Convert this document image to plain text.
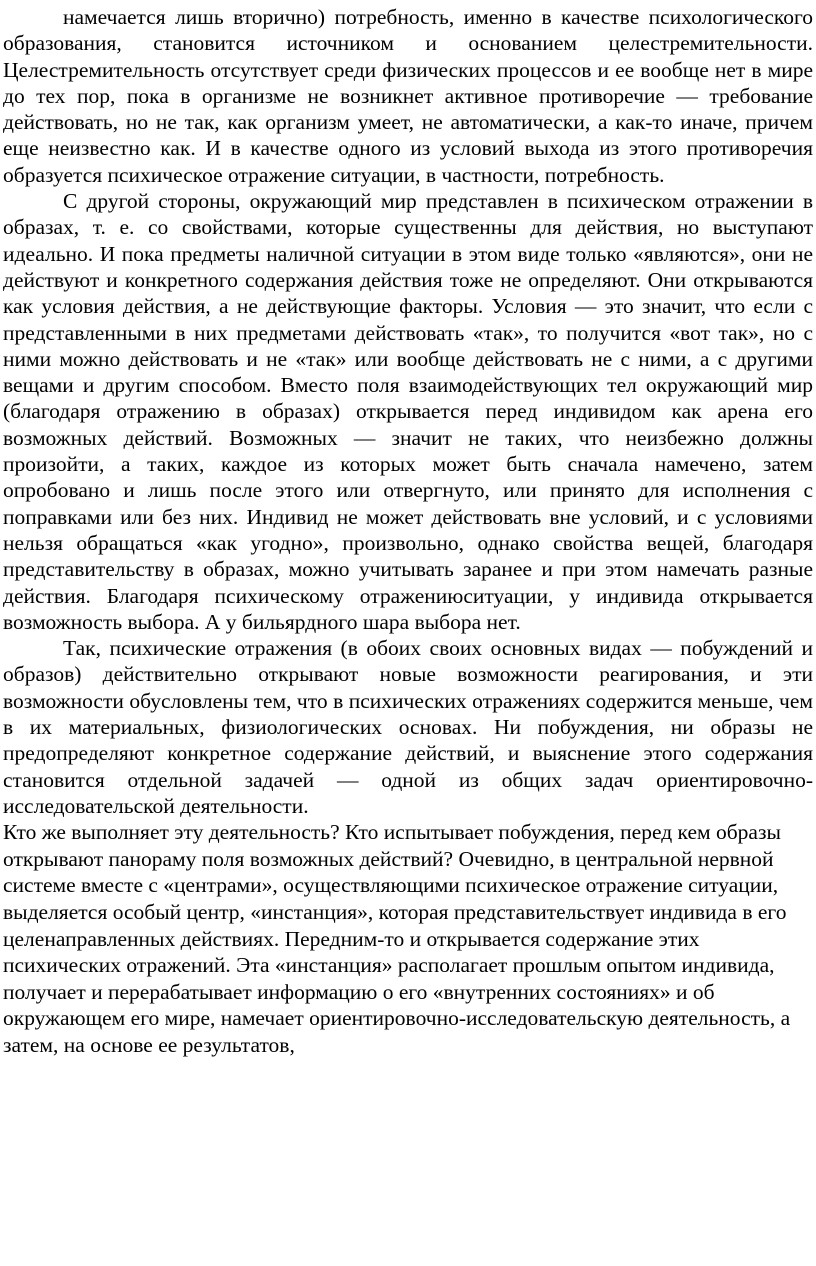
намечается лишь вторично) потребность, именно в качестве психологического образования, становится источником и основанием целестремительности. Целестремительность отсутствует среди физических процессов и ее вообще нет в мире до тех пор, пока в организме не возникнет активное противоречие — требование действовать, но не так, как организм умеет, не автоматически, а как-то иначе, причем еще неизвестно как. И в качестве одного из условий выхода из этого противоречия образуется психическое отражение ситуации, в частности, потребность.

С другой стороны, окружающий мир представлен в психическом отражении в образах, т. е. со свойствами, которые существенны для действия, но выступают идеально. И пока предметы наличной ситуации в этом виде только «являются», они не действуют и конкретного содержания действия тоже не определяют. Они открываются как условия действия, а не действующие факторы. Условия — это значит, что если с представленными в них предметами действовать «так», то получится «вот так», но с ними можно действовать и не «так» или вообще действовать не с ними, а с другими вещами и другим способом. Вместо поля взаимодействующих тел окружающий мир (благодаря отражению в образах) открывается перед индивидом как арена его возможных действий. Возможных — значит не таких, что неизбежно должны произойти, а таких, каждое из которых может быть сначала намечено, затем опробовано и лишь после этого или отвергнуто, или принято для исполнения с поправками или без них. Индивид не может действовать вне условий, и с условиями нельзя обращаться «как угодно», произвольно, однако свойства вещей, благодаря представительству в образах, можно учитывать заранее и при этом намечать разные действия. Благодаря психическому отражениюситуации, у индивида открывается возможность выбора. А у бильярдного шара выбора нет.

Так, психические отражения (в обоих своих основных видах — побуждений и образов) действительно открывают новые возможности реагирования, и эти возможности обусловлены тем, что в психических отражениях содержится меньше, чем в их материальных, физиологических основах. Ни побуждения, ни образы не предопределяют конкретное содержание действий, и выяснение этого содержания становится отдельной задачей — одной из общих задач ориентировочно-исследовательской деятельности.

Кто же выполняет эту деятельность? Кто испытывает побуждения, перед кем образы открывают панораму поля возможных действий? Очевидно, в центральной нервной системе вместе с «центрами», осуществляющими психическое отражение ситуации, выделяется особый центр, «инстанция», которая представительствует индивида в его целенаправленных действиях. Передним-то и открывается содержание этих психических отражений. Эта «инстанция» располагает прошлым опытом индивида, получает и перерабатывает информацию о его «внутренних состояниях» и об окружающем его мире, намечает ориентировочно-исследовательскую деятельность, а затем, на основе ее результатов,
